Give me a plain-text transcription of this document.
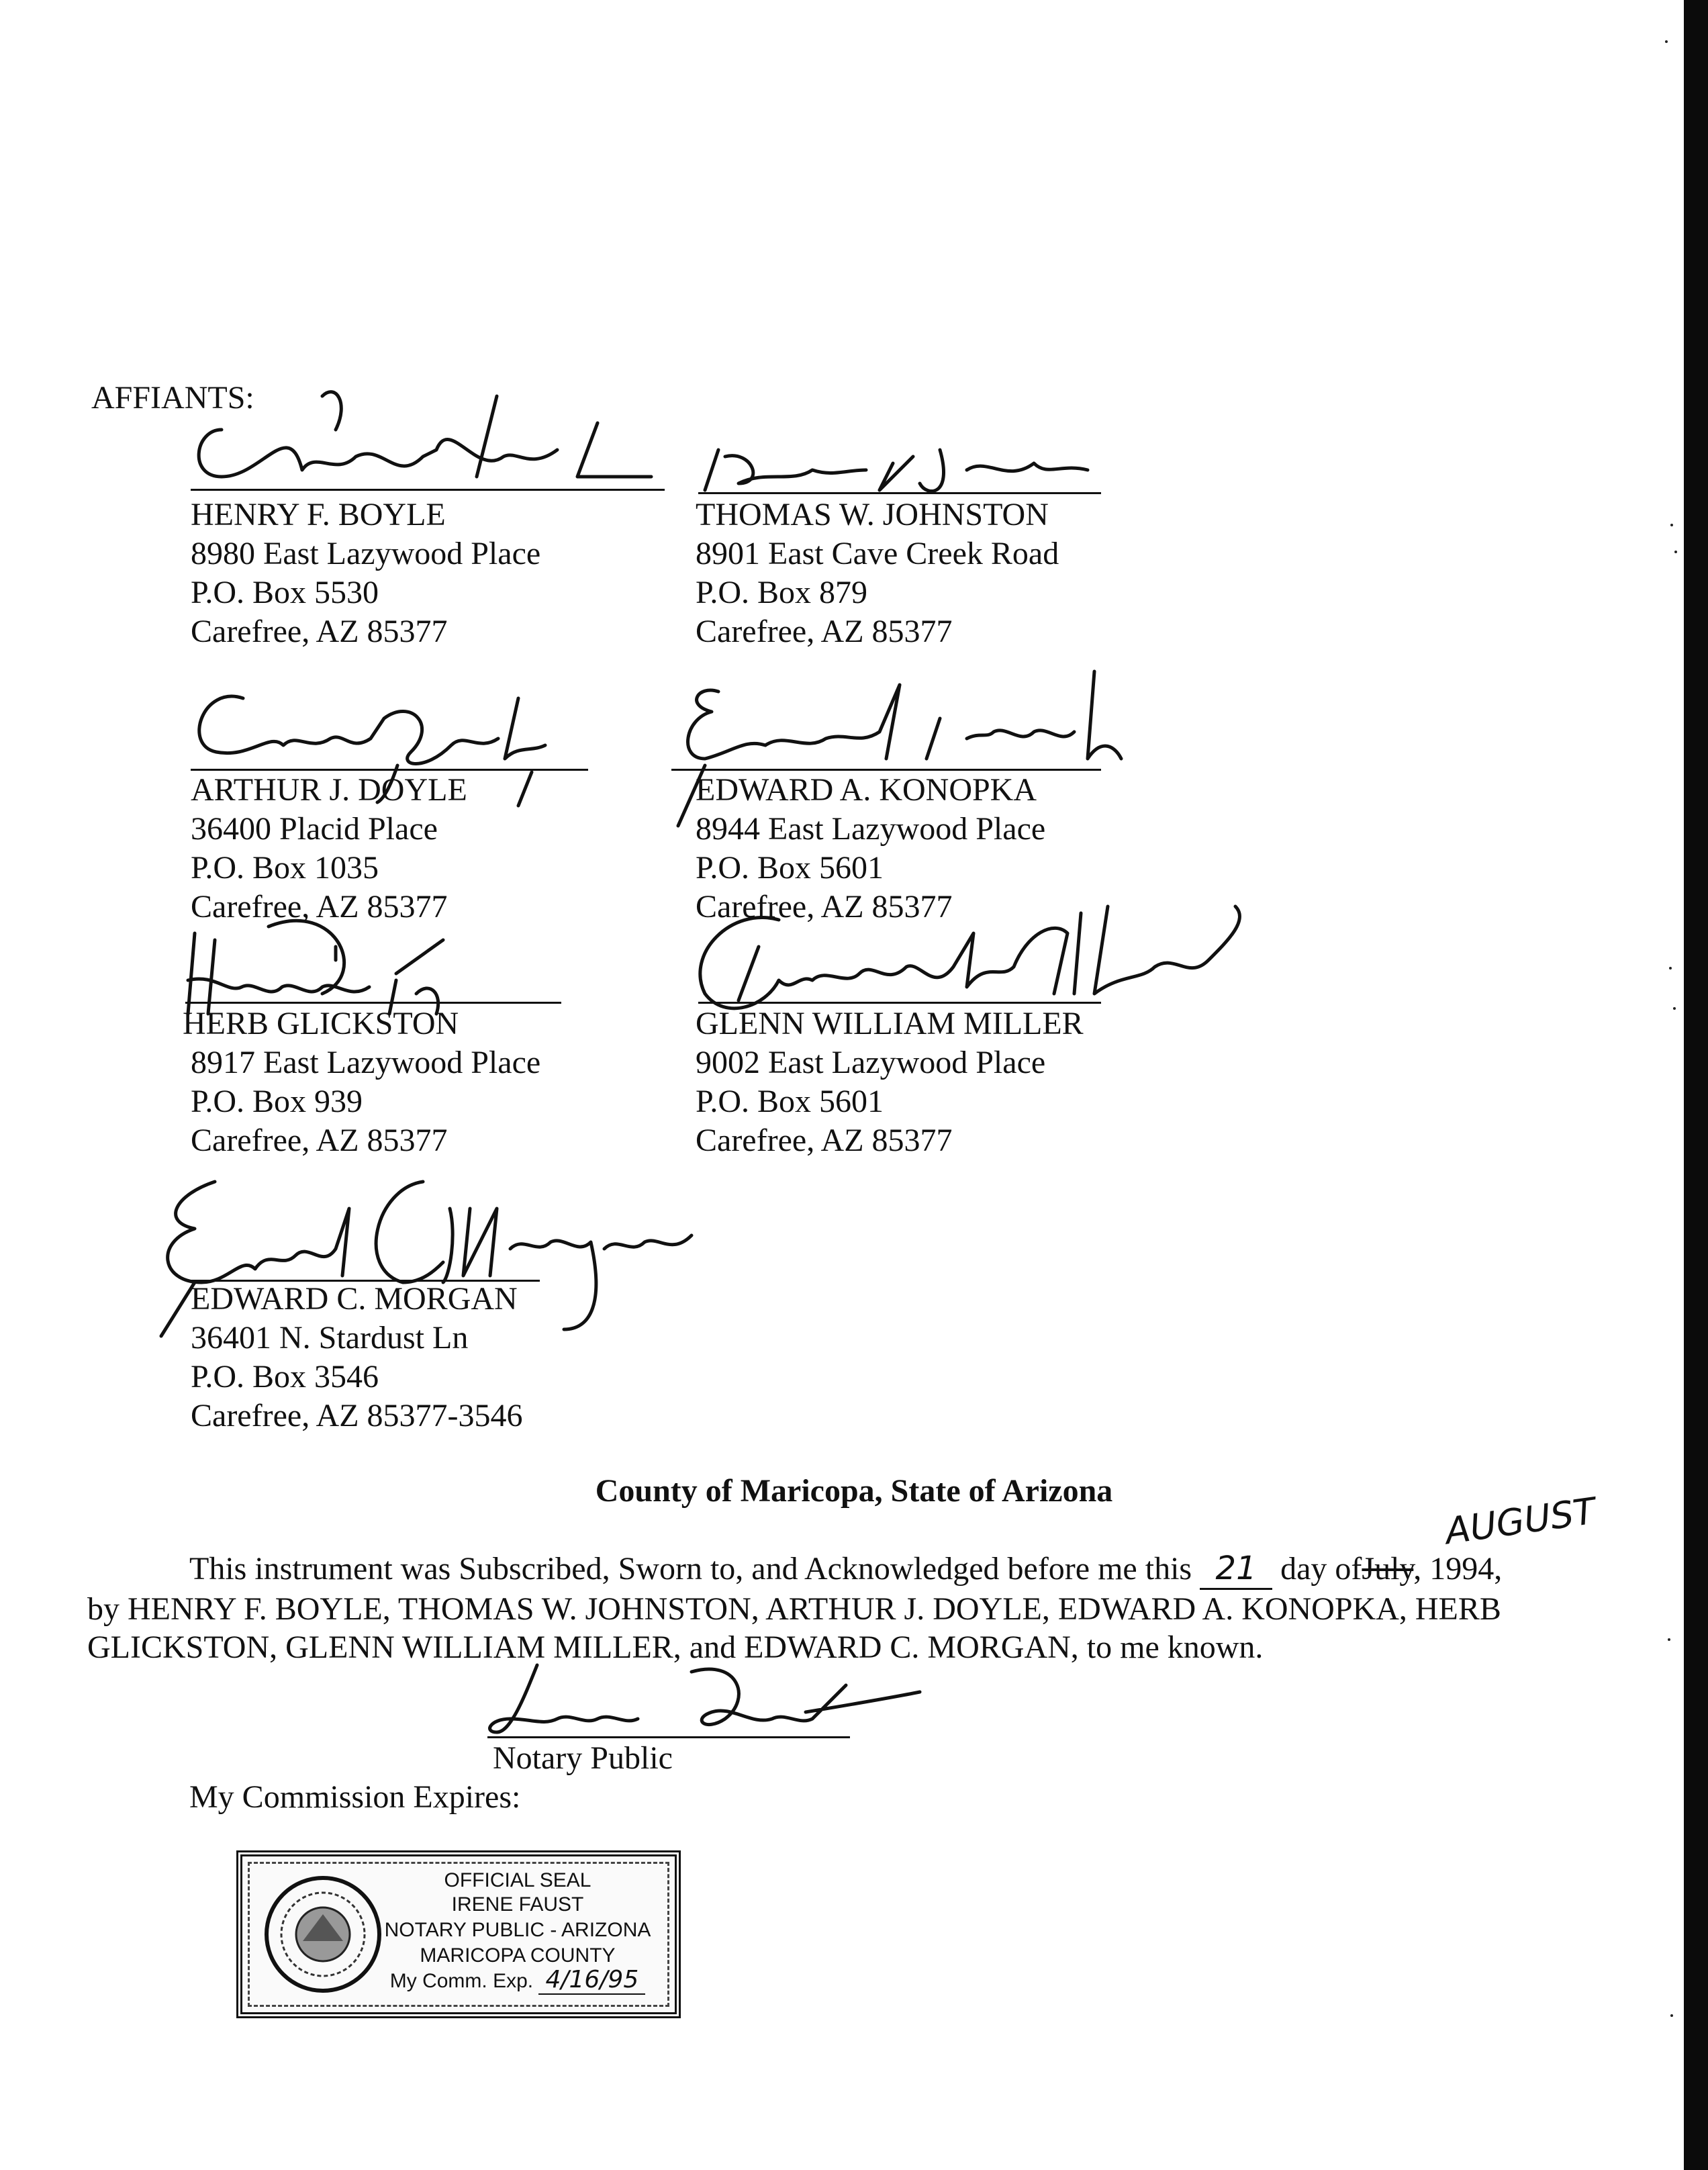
AFFIANTS:
HENRY F. BOYLE
8980 East Lazywood Place
P.O. Box 5530
Carefree, AZ 85377
THOMAS W. JOHNSTON
8901 East Cave Creek Road
P.O. Box 879
Carefree, AZ 85377
ARTHUR J. DOYLE
36400 Placid Place
P.O. Box 1035
Carefree, AZ 85377
EDWARD A. KONOPKA
8944 East Lazywood Place
P.O. Box 5601
Carefree, AZ 85377
HERB GLICKSTON
8917 East Lazywood Place
P.O. Box 939
Carefree, AZ 85377
GLENN WILLIAM MILLER
9002 East Lazywood Place
P.O. Box 5601
Carefree, AZ 85377
EDWARD C. MORGAN
36401 N. Stardust Ln
P.O. Box 3546
Carefree, AZ 85377-3546
County of Maricopa, State of Arizona	AUGUST

This instrument was Subscribed, Sworn to, and Acknowledged before me this 21 day ofJuly, 1994,

by HENRY F. BOYLE, THOMAS W. JOHNSTON, ARTHUR J. DOYLE, EDWARD A. KONOPKA, HERB

GLICKSTON, GLENN WILLIAM MILLER, and EDWARD C. MORGAN, to me known.

Notary Public
My Commission Expires:
OFFICIAL SEAL
IRENE FAUST
NOTARY PUBLIC - ARIZONA
MARICOPA COUNTY
My Comm. Exp. 4/16/95
